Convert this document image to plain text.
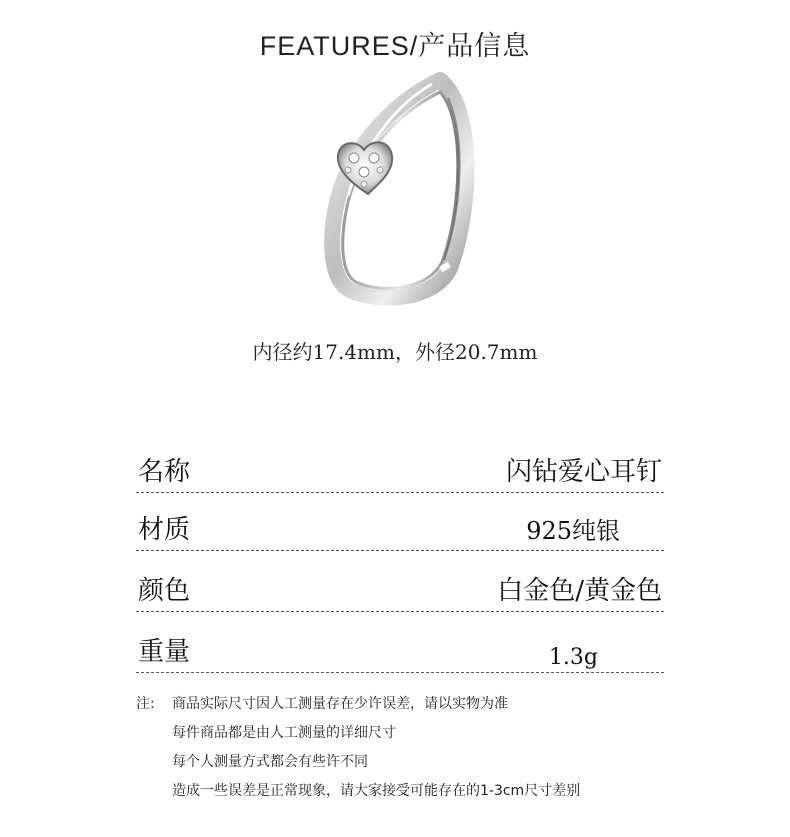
FEATURES/产品信息
内径约17.4mm，外径20.7mm
名称	闪钻爱心耳钉
材质	925纯银
颜色	白金色/黄金色
重量	1.3g
注: 商品实际尺寸因人工测量存在少许误差，请以实物为准
每件商品都是由人工测量的详细尺寸
每个人测量方式都会有些许不同
造成一些误差是正常现象，请大家接受可能存在的1-3cm尺寸差别
